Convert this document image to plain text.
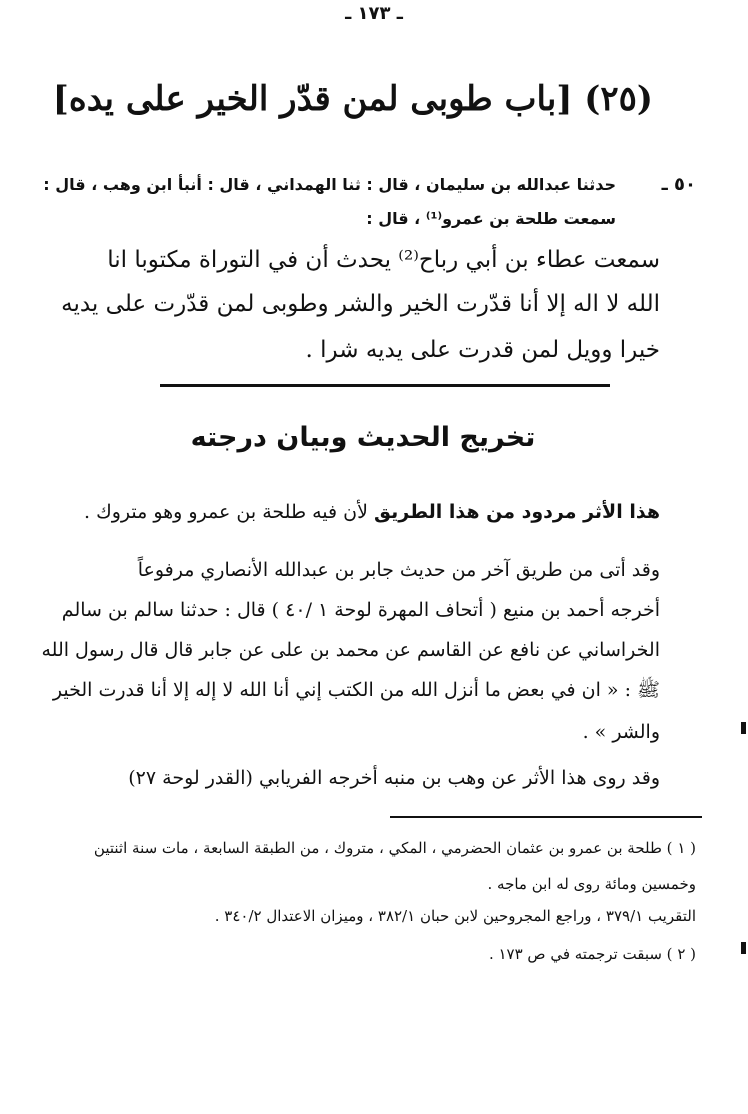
(٢٥) [باب طوبى لمن قدّر الخير على يده]
٥٠ ـ
حدثنا عبدالله بن سليمان ، قال : ثنا الهمداني ، قال : أنبأ ابن وهب ، قال :
سمعت طلحة بن عمرو⁽¹⁾ ، قال :
سمعت عطاء بن أبي رباح⁽²⁾ يحدث أن في التوراة مكتوبا انا
الله لا اله إلا أنا قدّرت الخير والشر وطوبى لمن قدّرت على يديه
خيرا وويل لمن قدرت على يديه شرا .
تخريج الحديث وبيان درجته
هذا الأثر مردود من هذا الطريق لأن فيه طلحة بن عمرو وهو متروك .
وقد أتى من طريق آخر من حديث جابر بن عبدالله الأنصاري مرفوعاً
أخرجه أحمد بن منيع ( أتحاف المهرة لوحة ١ /٤٠ ) قال : حدثنا سالم بن سالم
الخراساني عن نافع عن القاسم عن محمد بن على عن جابر قال قال رسول الله
ﷺ : « ان في بعض ما أنزل الله من الكتب إني أنا الله لا إله إلا أنا قدرت الخير
والشر » .
وقد روى هذا الأثر عن وهب بن منبه أخرجه الفريابي (القدر لوحة ٢٧)
( ١ ) طلحة بن عمرو بن عثمان الحضرمي ، المكي ، متروك ، من الطبقة السابعة ، مات سنة اثنتين
وخمسين ومائة روى له ابن ماجه .
التقريب ٣٧٩/١ ، وراجع المجروحين لابن حبان ٣٨٢/١ ، وميزان الاعتدال ٣٤٠/٢ .
( ٢ ) سبقت ترجمته في ص ١٧٣ .
ـ ١٧٣ ـ
